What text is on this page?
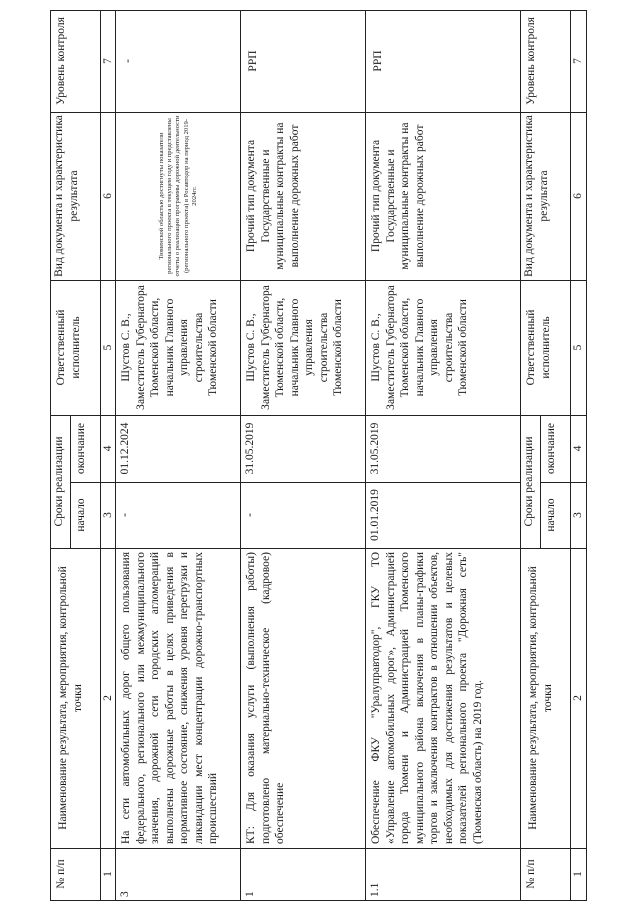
№ п/п
Наименование результата, мероприятия, контрольной точки
Сроки реализации начало
окончание
Ответственный исполнитель
Вид документа и характеристика результата
Уровень контроля
№ п/п
Наименование результата, мероприятия, контрольной точки
Сроки реализации начало
окончание
Ответственный исполнитель
Вид документа и характеристика результата
Уровень контроля
1
2
3
4
5
6
7
1
2
3
4
5
6
7
3
На сети автомобильных дорог общего пользования федерального, регионального или межмуниципального значения, дорожной сети городских агломераций выполнены дорожные работы в целях приведения в нормативное состояние, снижения уровня перегрузки и ликвидации мест концентрации дорожно-транспортных происшествий
-
01.12.2024
Шустов С. В., Заместитель Губернатора Тюменской области, начальник Главного управления строительства Тюменской области
Тюменской областью достигнуты показатели регионального проекта в текущем году и представлены отчеты о реализации программы дорожной деятельности (регионального проекта) в Росавтодор на период 2019-2024гг.
-
1
КТ: Для оказания услуги (выполнения работы) подготовлено материально-техническое (кадровое) обеспечение
-
31.05.2019
Шустов С. В., Заместитель Губернатора Тюменской области, начальник Главного управления строительства Тюменской области
Прочий тип документа Государственные и муниципальные контракты на выполнение дорожных работ
РРП
1.1
Обеспечение ФКУ "Уралуправтодор", ГКУ ТО «Управление автомобильных дорог», Администрацией города Тюмени и Администрацией Тюменского муниципального района включения в планы-графики торгов и заключения контрактов в отношении объектов, необходимых для достижения результатов и целевых показателей регионального проекта "Дорожная сеть" (Тюменская область) на 2019 год.
01.01.2019
31.05.2019
Шустов С. В., Заместитель Губернатора Тюменской области, начальник Главного управления строительства Тюменской области
Прочий тип документа Государственные и муниципальные контракты на выполнение дорожных работ
РРП
